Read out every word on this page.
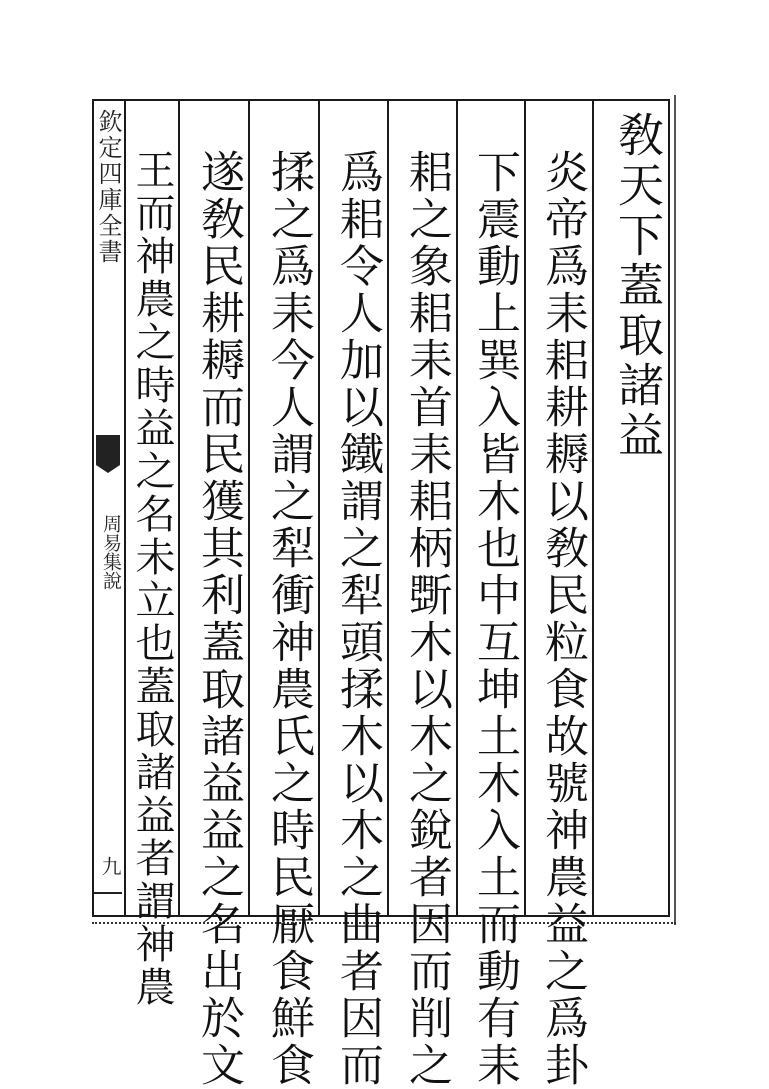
欽定四庫全書
周易集說
九
敎天下蓋取諸益
炎帝爲耒耜耕耨以敎民粒食故號神農益之爲卦
下震動上巽入皆木也中互坤土木入土而動有耒
耜之象耜耒首耒耜柄斲木以木之銳者因而削之
爲耜令人加以鐵謂之犁頭揉木以木之曲者因而
揉之爲耒今人謂之犁衝神農氏之時民厭食鮮食
遂敎民耕耨而民獲其利蓋取諸益益之名出於文
王而神農之時益之名未立也蓋取諸益者謂神農
